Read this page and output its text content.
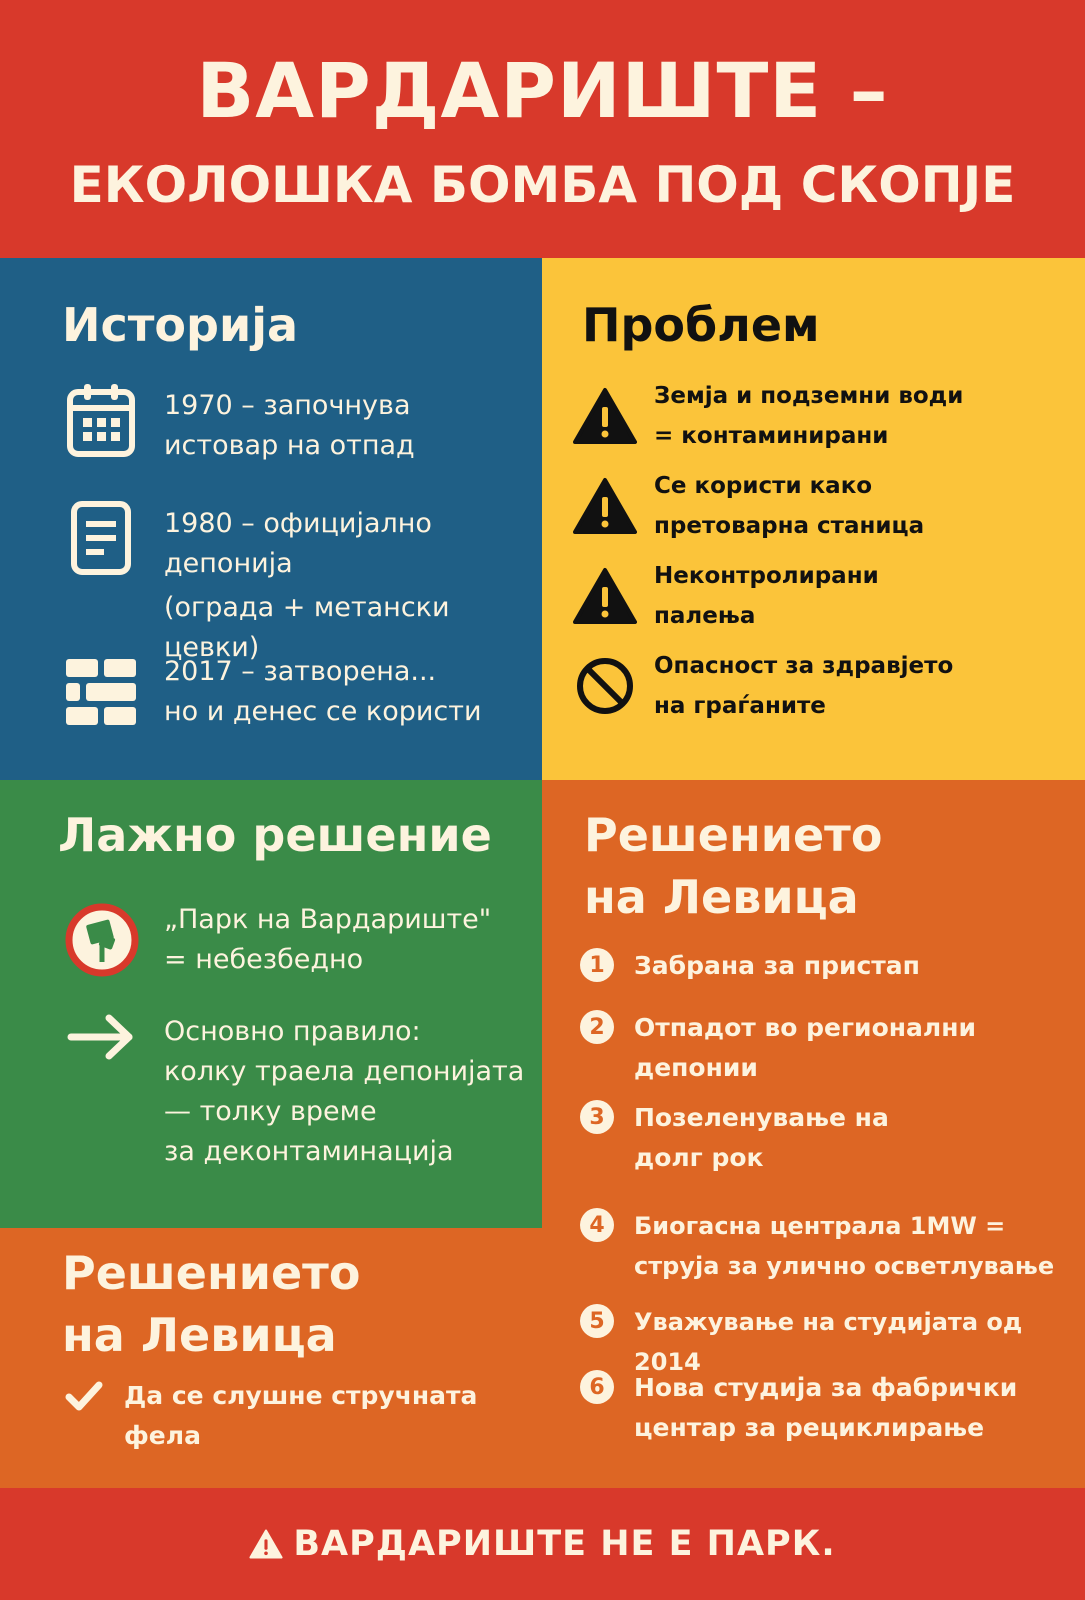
ВАРДАРИШТЕ –
ЕКОЛОШКА БОМБА ПОД СКОПЈЕ
Историја
1970 – започнува
истовар на отпад
1980 – официјално
депонија
(ограда + метански цевки)
2017 – затворена...
но и денес се користи
Проблем
Земја и подземни води
= контаминирани
Се користи како
претоварна станица
Неконтролирани
палења
Опасност за здравјето
на граѓаните
Лажно решение
„Парк на Вардариште"
= небезбедно
Основно правило:
колку траела депонијата
— толку време
за деконтаминација
Решението
на Левица
Да се слушне стручната фела
Решението
на Левица
1	Забрана за пристап
2	Отпадот во регионални
депонии
3	Позеленување на
долг рок
4	Биогасна централа 1MW =
струја за улично осветлување
5	Уважување на студијата од 2014
6	Нова студија за фабрички
центар за рециклирање
ВАРДАРИШТЕ НЕ Е ПАРК.
